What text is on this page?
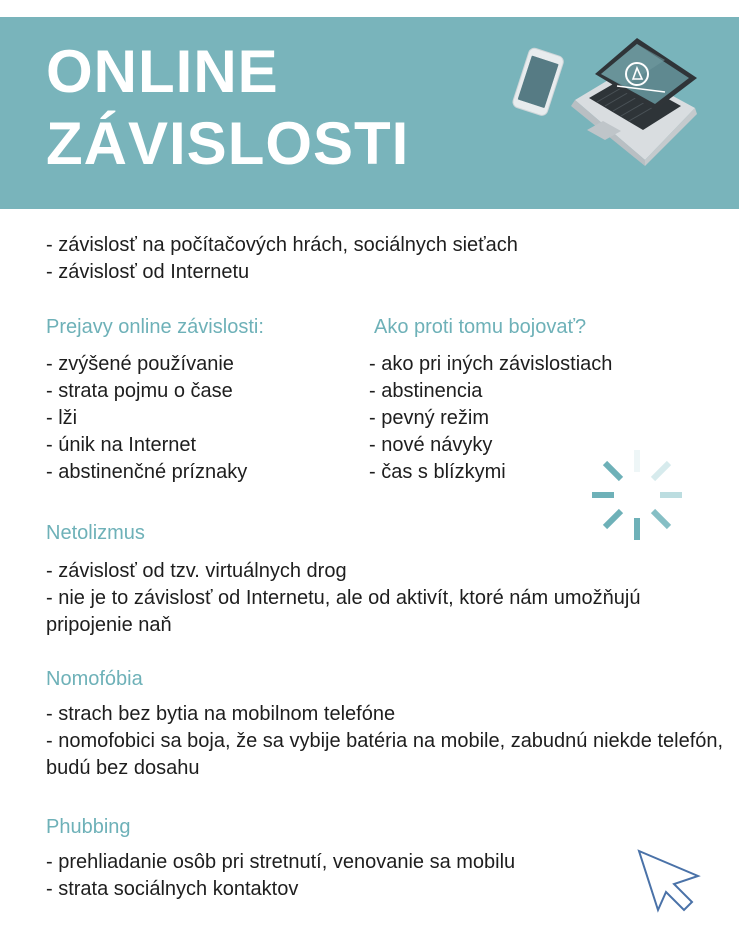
ONLINE
ZÁVISLOSTI

- závislosť na počítačových hrách, sociálnych sieťach

- závislosť od Internetu

Prejavy online závislosti:	Ako proti tomu bojovať?

- zvýšené používanie

- strata pojmu o čase

- lži

- únik na Internet

- abstinenčné príznaky

- ako pri iných závislostiach

- abstinencia

- pevný režim

- nové návyky

- čas s blízkymi

Netolizmus

- závislosť od tzv. virtuálnych drog

- nie je to závislosť od Internetu, ale od aktivít, ktoré nám umožňujú pripojenie naň

Nomofóbia

- strach bez bytia na mobilnom telefóne

- nomofobici sa boja, že sa vybije batéria na mobile, zabudnú niekde telefón, budú bez dosahu

Phubbing

- prehliadanie osôb pri stretnutí, venovanie sa mobilu

- strata sociálnych kontaktov
